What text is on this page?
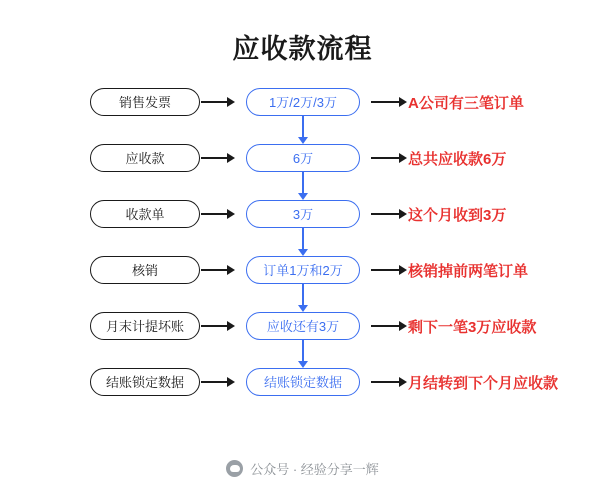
应收款流程
销售发票	1万/2万/3万	A公司有三笔订单
应收款	6万	总共应收款6万
收款单	3万	这个月收到3万
核销	订单1万和2万	核销掉前两笔订单
月末计提坏账	应收还有3万	剩下一笔3万应收款
结账锁定数据	结账锁定数据	月结转到下个月应收款
公众号 · 经验分享一辉
